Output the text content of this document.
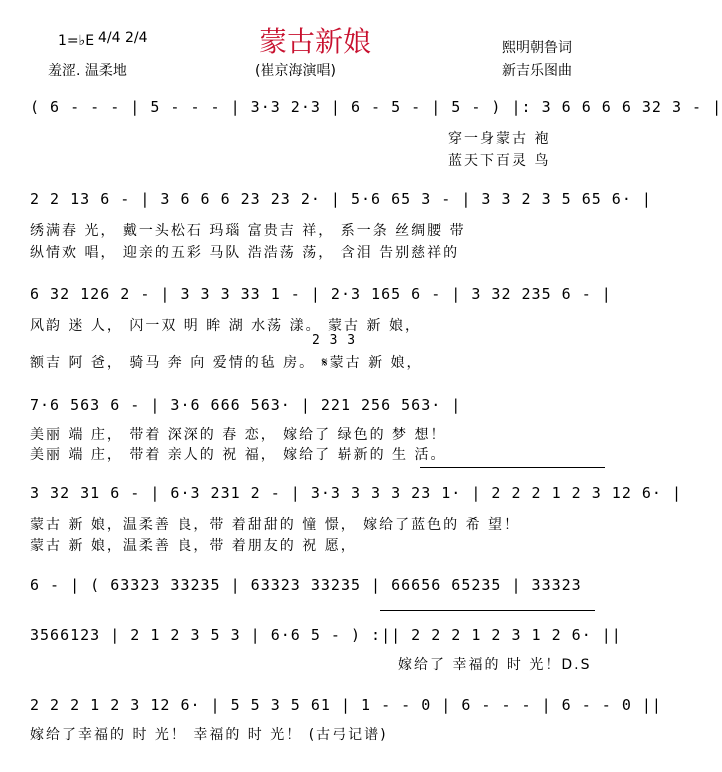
1=♭E 4/4 2/4	蒙古新娘	熙明朝鲁词
羞涩. 温柔地	(崔京海演唱)	新吉乐图曲
( 6 - - - | 5 - - - | 3·3 2·3 | 6 - 5 - | 5 - ) |: 3 6 6 6 6 32 3 - |
穿一身蒙古 袍
蓝天下百灵 鸟
2 2 13 6 - | 3 6 6 6 23 23 2· | 5·6 65 3 - | 3 3 2 3 5 65 6· |
绣满春 光， 戴一头松石 玛瑙 富贵吉 祥， 系一条 丝绸腰 带
纵情欢 唱， 迎亲的五彩 马队 浩浩荡 荡， 含泪 告别慈祥的
6 32 126 2 - | 3 3 3 33 1 - | 2·3 165 6 - | 3 32 235 6 - |
风韵 迷 人， 闪一双 明 眸 湖 水荡 漾。 蒙古 新 娘，
2 3 3
额吉 阿 爸， 骑马 奔 向 爱情的毡 房。 𝄋蒙古 新 娘，
7·6 563 6 - | 3·6 666 563· | 221 256 563· |
美丽 端 庄， 带着 深深的 春 恋， 嫁给了 绿色的 梦 想！
美丽 端 庄， 带着 亲人的 祝 福， 嫁给了 崭新的 生 活。
3 32 31 6 - | 6·3 231 2 - | 3·3 3 3 3 23 1· | 2 2 2 1 2 3 12 6· |
蒙古 新 娘，温柔善 良，带 着甜甜的 憧 憬， 嫁给了蓝色的 希 望！
蒙古 新 娘，温柔善 良，带 着朋友的 祝 愿，
6 - | ( 63323 33235 | 63323 33235 | 66656 65235 | 33323
3566123 | 2 1 2 3 5 3 | 6·6 5 - ) :|| 2 2 2 1 2 3 1 2 6· ||
嫁给了 幸福的 时 光！D.S
2 2 2 1 2 3 12 6· | 5 5 3 5 61 | 1 - - 0 | 6 - - - | 6 - - 0 ||
嫁给了幸福的 时 光！ 幸福的 时 光！ (古弓记谱)
